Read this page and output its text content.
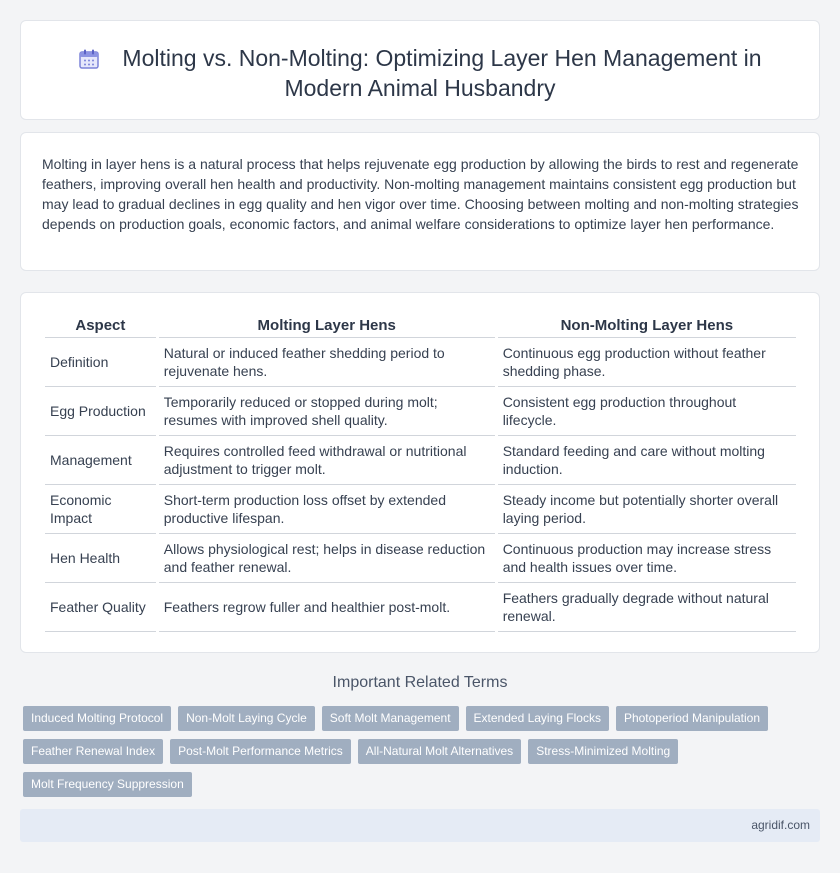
Molting vs. Non-Molting: Optimizing Layer Hen Management in Modern Animal Husbandry

Molting in layer hens is a natural process that helps rejuvenate egg production by allowing the birds to rest and regenerate feathers, improving overall hen health and productivity. Non-molting management maintains consistent egg production but may lead to gradual declines in egg quality and hen vigor over time. Choosing between molting and non-molting strategies depends on production goals, economic factors, and animal welfare considerations to optimize layer hen performance.

Aspect	Molting Layer Hens	Non-Molting Layer Hens
Definition	Natural or induced feather shedding period to rejuvenate hens.	Continuous egg production without feather shedding phase.
Egg Production	Temporarily reduced or stopped during molt; resumes with improved shell quality.	Consistent egg production throughout lifecycle.
Management	Requires controlled feed withdrawal or nutritional adjustment to trigger molt.	Standard feeding and care without molting induction.
Economic Impact	Short-term production loss offset by extended productive lifespan.	Steady income but potentially shorter overall laying period.
Hen Health	Allows physiological rest; helps in disease reduction and feather renewal.	Continuous production may increase stress and health issues over time.
Feather Quality	Feathers regrow fuller and healthier post-molt.	Feathers gradually degrade without natural renewal.
Important Related Terms
Induced Molting Protocol	Non-Molt Laying Cycle	Soft Molt Management	Extended Laying Flocks	Photoperiod Manipulation
Feather Renewal Index	Post-Molt Performance Metrics	All-Natural Molt Alternatives	Stress-Minimized Molting
Molt Frequency Suppression
agridif.com
